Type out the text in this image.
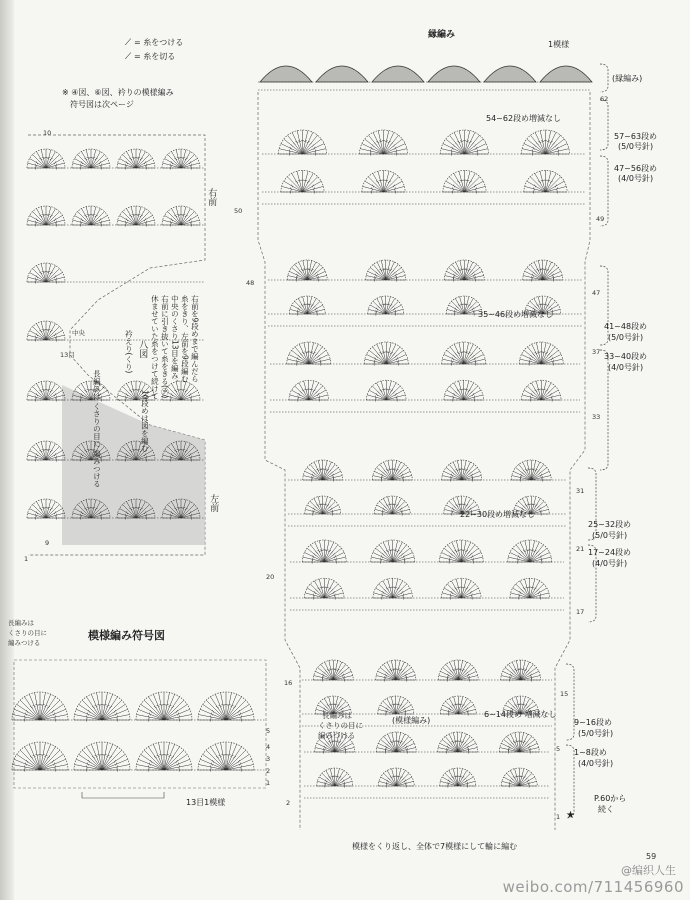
⟋ = 糸をつける
⟋ = 糸を切る
※ ④図、⑥図、衿りの模様編み
符号図は次ページ
右前
左前
八図
衿えり(くり)
中央
長編みは くさりの目に 編みつける
右前を9段めまで編んだら
糸をきり、左前を9段編む
中央のくさり13目を編み、
右前に引き抜いて糸をきる(㋐)
休ませていた糸をつけて続けて
10段めは図を編む
13目
10
9
1
模様編み符号図
長編みは
くさりの目に
編みつける
13目1模様
5
4
3
2
1
縁編み
1模様
(縁編み)
54~62段め増減なし
35~46段め増減なし
22~30段め増減なし
6~14段め 増減なし
(模様編み)
長編みは
くさりの目に
編みつける
57~63段め
(5/0号針)
47~56段め
(4/0号針)
41~48段め
(5/0号針)
33~40段め
(4/0号針)
25~32段め
(5/0号針)
17~24段め
(4/0号針)
9~16段め
(5/0号針)
1~8段め
(4/0号針)
P.60から
続く
★
模様をくり返し、全体で7模様にして輪に編む
62
49
50
48
47
37
33
31
21
20
17
16
15
5
2
1
59
@编织人生
weibo.com/711456960
